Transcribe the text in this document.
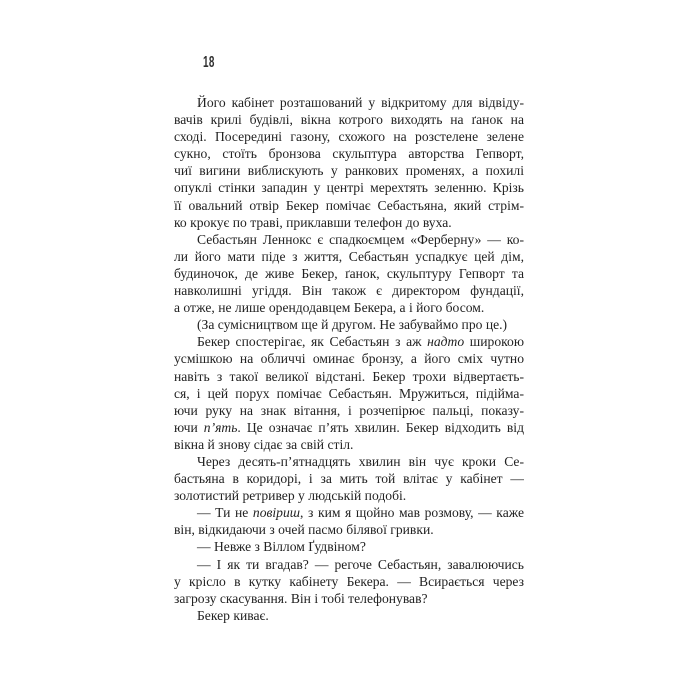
18
Його кабінет розташований у відкритому для відвіду-
вачів крилі будівлі, вікна котрого виходять на ґанок на
сході. Посередині газону, схожого на розстелене зелене
сукно, стоїть бронзова скульптура авторства Гепворт,
чиї вигини виблискують у ранкових променях, а похилі
опуклі стінки западин у центрі мерехтять зеленню. Крізь
її овальний отвір Бекер помічає Себастьяна, який стрім-
ко крокує по траві, приклавши телефон до вуха.
Себастьян Леннокс є спадкоємцем «Ферберну» — ко-
ли його мати піде з життя, Себастьян успадкує цей дім,
будиночок, де живе Бекер, ґанок, скульптуру Гепворт та
навколишні угіддя. Він також є директором фундації,
а отже, не лише орендодавцем Бекера, а і його босом.
(За сумісництвом ще й другом. Не забуваймо про це.)
Бекер спостерігає, як Себастьян з аж надто широкою
усмішкою на обличчі оминає бронзу, а його сміх чутно
навіть з такої великої відстані. Бекер трохи відвертаєть-
ся, і цей порух помічає Себастьян. Мружиться, підійма-
ючи руку на знак вітання, і розчепірює пальці, показу-
ючи п’ять. Це означає п’ять хвилин. Бекер відходить від
вікна й знову сідає за свій стіл.
Через десять-п’ятнадцять хвилин він чує кроки Се-
бастьяна в коридорі, і за мить той влітає у кабінет —
золотистий ретривер у людській подобі.
— Ти не повіриш, з ким я щойно мав розмову, — каже
він, відкидаючи з очей пасмо білявої гривки.
— Невже з Віллом Ґудвіном?
— І як ти вгадав? — регоче Себастьян, завалюючись
у крісло в кутку кабінету Бекера. — Всирається через
загрозу скасування. Він і тобі телефонував?
Бекер киває.
